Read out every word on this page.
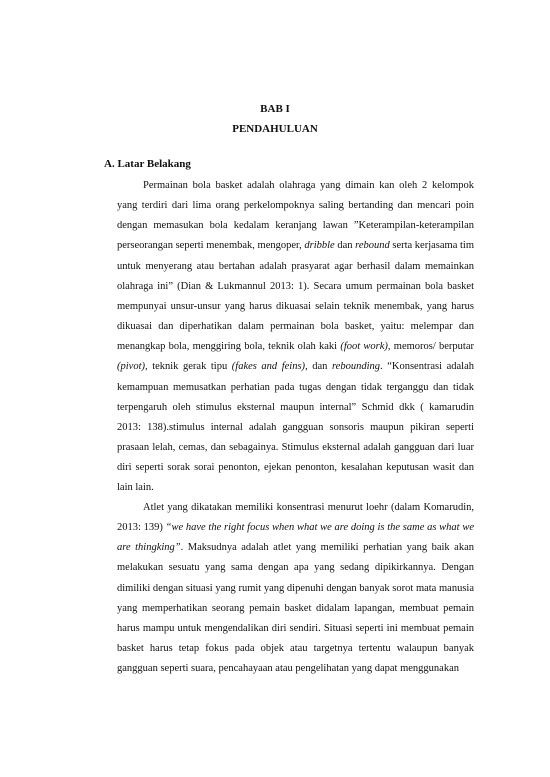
BAB I

PENDAHULUAN

A. Latar Belakang

Permainan bola basket adalah olahraga yang dimain kan oleh 2 kelompok yang terdiri dari lima orang perkelompoknya saling bertanding dan mencari poin dengan memasukan bola kedalam keranjang lawan ”Keterampilan-keterampilan perseorangan seperti menembak, mengoper, dribble dan rebound serta kerjasama tim untuk menyerang atau bertahan adalah prasyarat agar berhasil dalam memainkan olahraga ini” (Dian & Lukmannul 2013: 1). Secara umum permainan bola basket mempunyai unsur-unsur yang harus dikuasai selain teknik menembak, yang harus dikuasai dan diperhatikan dalam permainan bola basket, yaitu: melempar dan menangkap bola, menggiring bola, teknik olah kaki (foot work), memoros/ berputar (pivot), teknik gerak tipu (fakes and feins), dan rebounding. “Konsentrasi adalah kemampuan memusatkan perhatian pada tugas dengan tidak terganggu dan tidak terpengaruh oleh stimulus eksternal maupun internal” Schmid dkk ( kamarudin 2013: 138).stimulus internal adalah gangguan sonsoris maupun pikiran seperti prasaan lelah, cemas, dan sebagainya. Stimulus eksternal adalah gangguan dari luar diri seperti sorak sorai penonton, ejekan penonton, kesalahan keputusan wasit dan lain lain.

Atlet yang dikatakan memiliki konsentrasi menurut loehr (dalam Komarudin, 2013: 139) “we have the right focus when what we are doing is the same as what we are thingking”. Maksudnya adalah atlet yang memiliki perhatian yang baik akan melakukan sesuatu yang sama dengan apa yang sedang dipikirkannya. Dengan dimiliki dengan situasi yang rumit yang dipenuhi dengan banyak sorot mata manusia yang memperhatikan seorang pemain basket didalam lapangan, membuat pemain harus mampu untuk mengendalikan diri sendiri. Situasi seperti ini membuat pemain basket harus tetap fokus pada objek atau targetnya tertentu walaupun banyak gangguan seperti suara, pencahayaan atau pengelihatan yang dapat menggunakan
